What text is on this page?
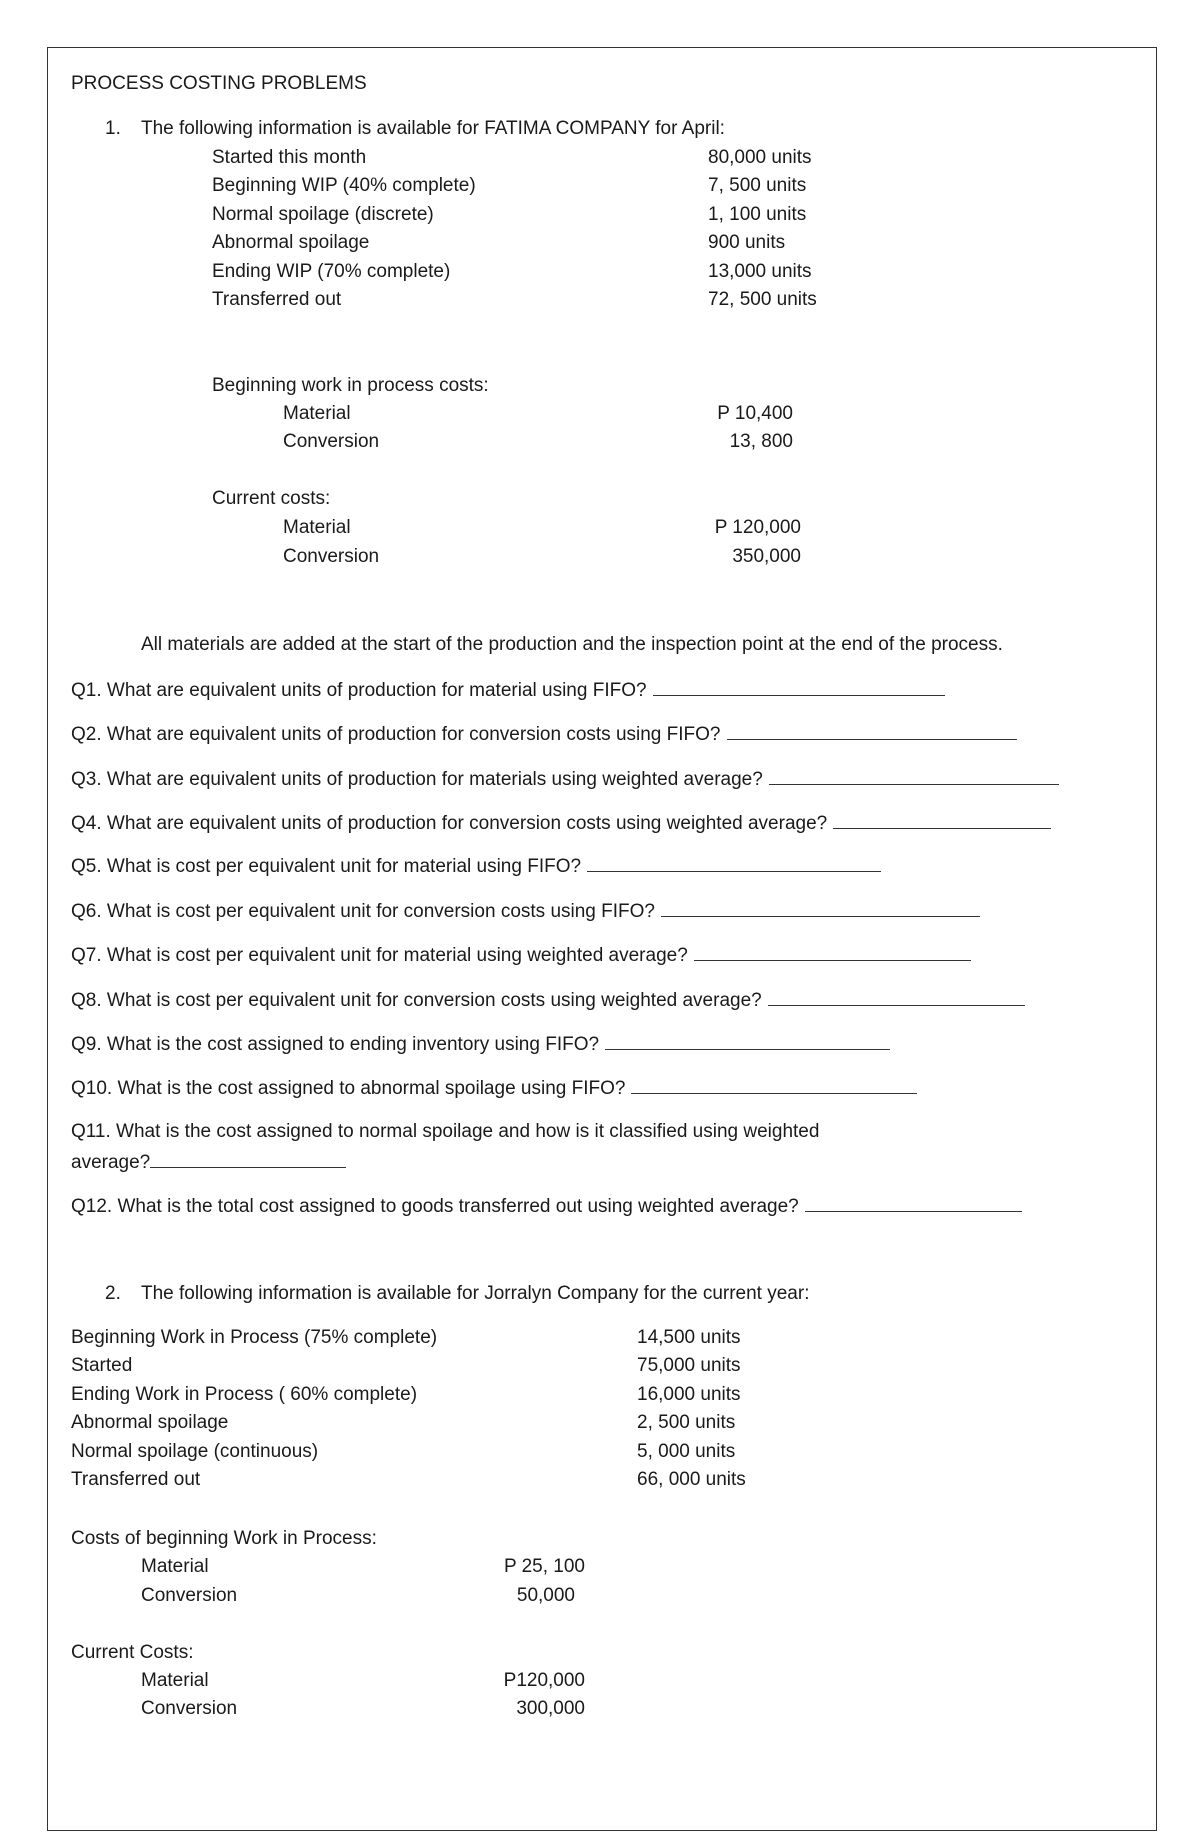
PROCESS COSTING PROBLEMS
1. The following information is available for FATIMA COMPANY for April:
Started this month	80,000 units
Beginning WIP (40% complete)	7, 500 units
Normal spoilage (discrete)	1, 100 units
Abnormal spoilage	900 units
Ending WIP (70% complete)	13,000 units
Transferred out	72, 500 units
Beginning work in process costs:
Material	P 10,400
Conversion	13, 800
Current costs:
Material	P 120,000
Conversion	350,000
All materials are added at the start of the production and the inspection point at the end of the process.
Q1. What are equivalent units of production for material using FIFO?
Q2. What are equivalent units of production for conversion costs using FIFO?
Q3. What are equivalent units of production for materials using weighted average?
Q4. What are equivalent units of production for conversion costs using weighted average?
Q5. What is cost per equivalent unit for material using FIFO?
Q6. What is cost per equivalent unit for conversion costs using FIFO?
Q7. What is cost per equivalent unit for material using weighted average?
Q8. What is cost per equivalent unit for conversion costs using weighted average?
Q9. What is the cost assigned to ending inventory using FIFO?
Q10. What is the cost assigned to abnormal spoilage using FIFO?
Q11. What is the cost assigned to normal spoilage and how is it classified using weighted
average?
Q12. What is the total cost assigned to goods transferred out using weighted average?
2. The following information is available for Jorralyn Company for the current year:
Beginning Work in Process (75% complete)	14,500 units
Started	75,000 units
Ending Work in Process ( 60% complete)	16,000 units
Abnormal spoilage	2, 500 units
Normal spoilage (continuous)	5, 000 units
Transferred out	66, 000 units
Costs of beginning Work in Process:
Material	P 25, 100
Conversion	50,000
Current Costs:
Material	P120,000
Conversion	300,000
